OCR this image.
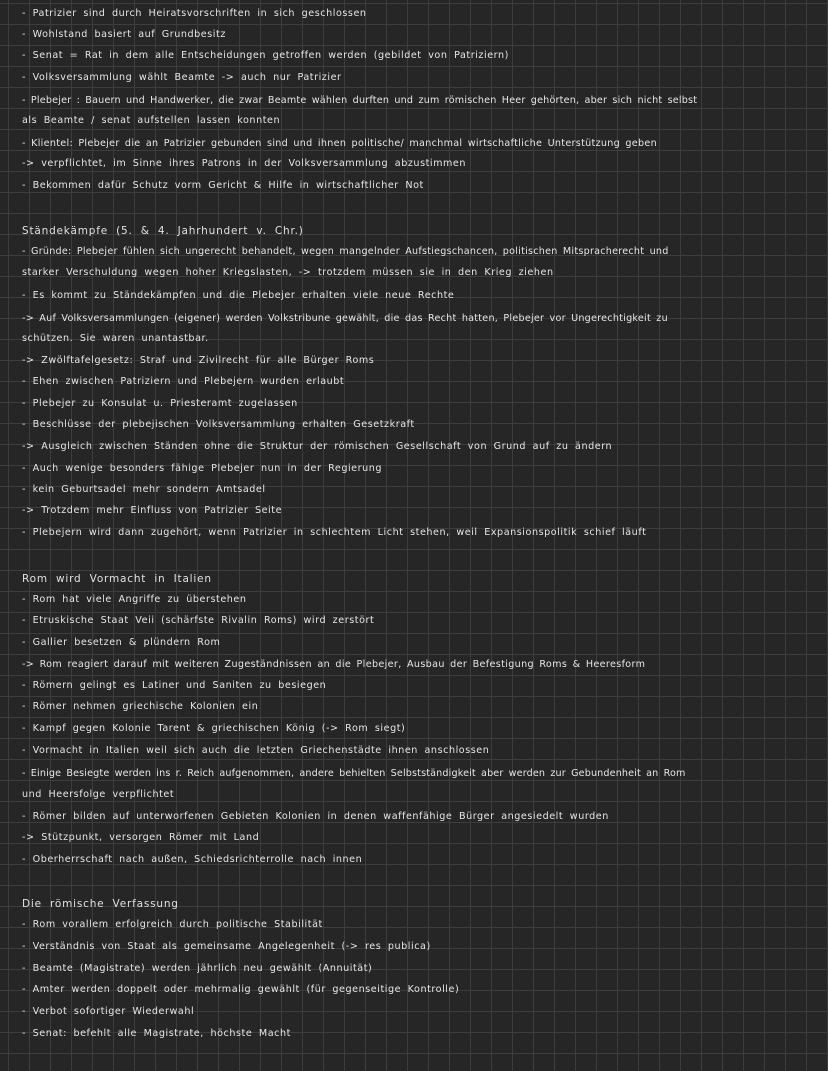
- Patrizier sind durch Heiratsvorschriften in sich geschlossen
- Wohlstand basiert auf Grundbesitz
- Senat = Rat in dem alle Entscheidungen getroffen werden (gebildet von Patriziern)
- Volksversammlung wählt Beamte -> auch nur Patrizier
- Plebejer : Bauern und Handwerker, die zwar Beamte wählen durften und zum römischen Heer gehörten, aber sich nicht selbst
als Beamte / senat aufstellen lassen konnten
- Klientel: Plebejer die an Patrizier gebunden sind und ihnen politische/ manchmal wirtschaftliche Unterstützung geben
-> verpflichtet, im Sinne ihres Patrons in der Volksversammlung abzustimmen
- Bekommen dafür Schutz vorm Gericht & Hilfe in wirtschaftlicher Not
Ständekämpfe (5. & 4. Jahrhundert v. Chr.)
- Gründe: Plebejer fühlen sich ungerecht behandelt, wegen mangelnder Aufstiegschancen, politischen Mitspracherecht und
starker Verschuldung wegen hoher Kriegslasten, -> trotzdem müssen sie in den Krieg ziehen
- Es kommt zu Ständekämpfen und die Plebejer erhalten viele neue Rechte
-> Auf Volksversammlungen (eigener) werden Volkstribune gewählt, die das Recht hatten, Plebejer vor Ungerechtigkeit zu
schützen. Sie waren unantastbar.
-> Zwölftafelgesetz: Straf und Zivilrecht für alle Bürger Roms
- Ehen zwischen Patriziern und Plebejern wurden erlaubt
- Plebejer zu Konsulat u. Priesteramt zugelassen
- Beschlüsse der plebejischen Volksversammlung erhalten Gesetzkraft
-> Ausgleich zwischen Ständen ohne die Struktur der römischen Gesellschaft von Grund auf zu ändern
- Auch wenige besonders fähige Plebejer nun in der Regierung
- kein Geburtsadel mehr sondern Amtsadel
-> Trotzdem mehr Einfluss von Patrizier Seite
- Plebejern wird dann zugehört, wenn Patrizier in schlechtem Licht stehen, weil Expansionspolitik schief läuft
Rom wird Vormacht in Italien
- Rom hat viele Angriffe zu überstehen
- Etruskische Staat Veii (schärfste Rivalin Roms) wird zerstört
- Gallier besetzen & plündern Rom
-> Rom reagiert darauf mit weiteren Zugeständnissen an die Plebejer, Ausbau der Befestigung Roms & Heeresform
- Römern gelingt es Latiner und Saniten zu besiegen
- Römer nehmen griechische Kolonien ein
- Kampf gegen Kolonie Tarent & griechischen König (-> Rom siegt)
- Vormacht in Italien weil sich auch die letzten Griechenstädte ihnen anschlossen
- Einige Besiegte werden ins r. Reich aufgenommen, andere behielten Selbstständigkeit aber werden zur Gebundenheit an Rom
und Heersfolge verpflichtet
- Römer bilden auf unterworfenen Gebieten Kolonien in denen waffenfähige Bürger angesiedelt wurden
-> Stützpunkt, versorgen Römer mit Land
- Oberherrschaft nach außen, Schiedsrichterrolle nach innen
Die römische Verfassung
- Rom vorallem erfolgreich durch politische Stabilität
- Verständnis von Staat als gemeinsame Angelegenheit (-> res publica)
- Beamte (Magistrate) werden jährlich neu gewählt (Annuität)
- Ämter werden doppelt oder mehrmalig gewählt (für gegenseitige Kontrolle)
- Verbot sofortiger Wiederwahl
- Senat: befehlt alle Magistrate, höchste Macht
